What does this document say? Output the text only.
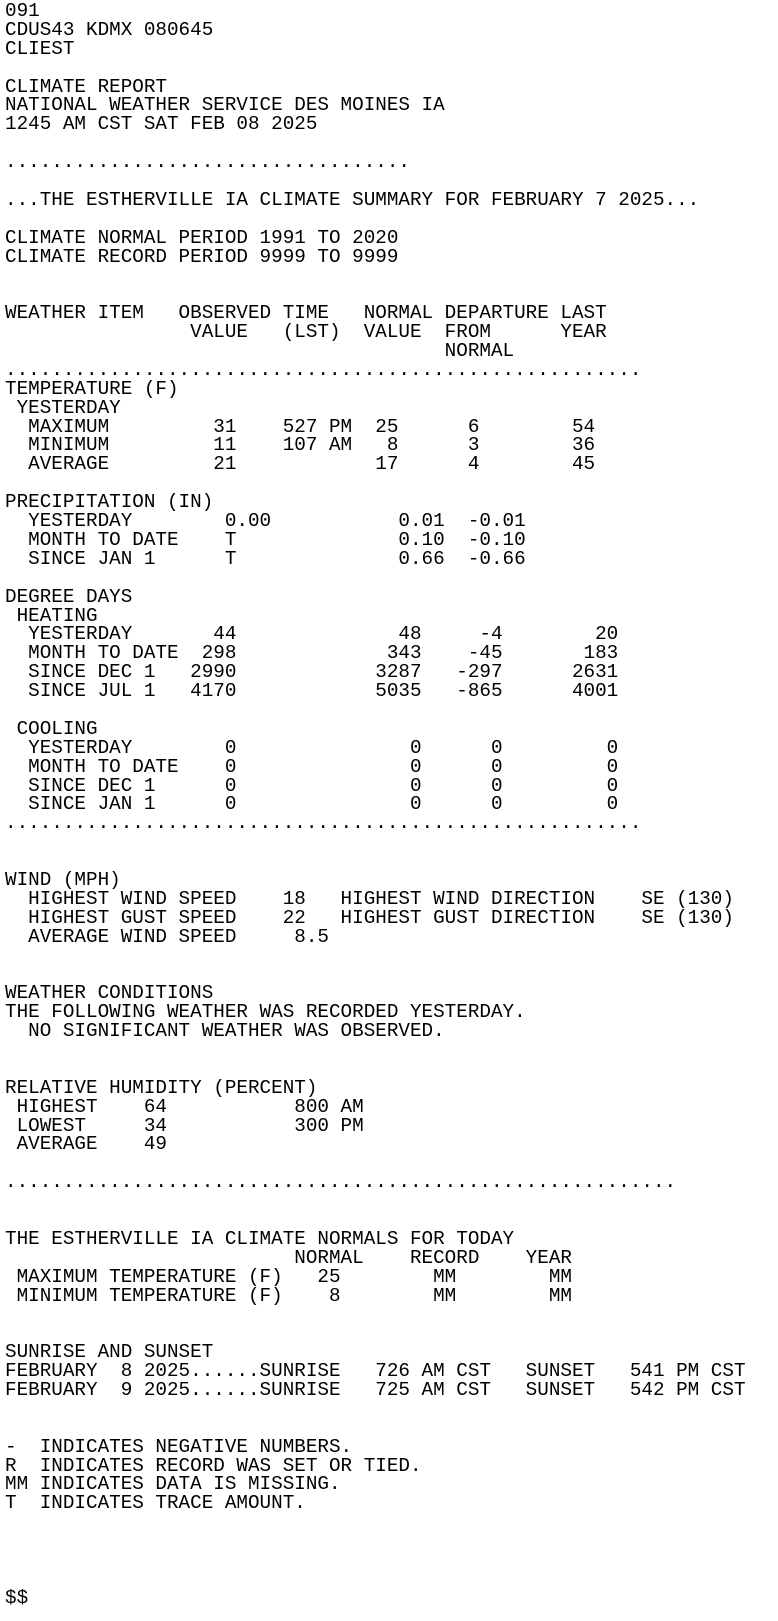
091
CDUS43 KDMX 080645
CLIEST
CLIMATE REPORT
NATIONAL WEATHER SERVICE DES MOINES IA
1245 AM CST SAT FEB 08 2025
...................................
...THE ESTHERVILLE IA CLIMATE SUMMARY FOR FEBRUARY 7 2025...
CLIMATE NORMAL PERIOD 1991 TO 2020
CLIMATE RECORD PERIOD 9999 TO 9999
WEATHER ITEM   OBSERVED TIME   NORMAL DEPARTURE LAST
VALUE   (LST)  VALUE  FROM      YEAR
NORMAL
.......................................................
TEMPERATURE (F)
YESTERDAY
MAXIMUM         31    527 PM  25      6        54
MINIMUM         11    107 AM   8      3        36
AVERAGE         21            17      4        45
PRECIPITATION (IN)
YESTERDAY        0.00           0.01  -0.01
MONTH TO DATE    T              0.10  -0.10
SINCE JAN 1      T              0.66  -0.66
DEGREE DAYS
HEATING
YESTERDAY       44              48     -4        20
MONTH TO DATE  298             343    -45       183
SINCE DEC 1   2990            3287   -297      2631
SINCE JUL 1   4170            5035   -865      4001
COOLING
YESTERDAY        0               0      0         0
MONTH TO DATE    0               0      0         0
SINCE DEC 1      0               0      0         0
SINCE JAN 1      0               0      0         0
.......................................................
WIND (MPH)
HIGHEST WIND SPEED    18   HIGHEST WIND DIRECTION    SE (130)
HIGHEST GUST SPEED    22   HIGHEST GUST DIRECTION    SE (130)
AVERAGE WIND SPEED     8.5
WEATHER CONDITIONS
THE FOLLOWING WEATHER WAS RECORDED YESTERDAY.
NO SIGNIFICANT WEATHER WAS OBSERVED.
RELATIVE HUMIDITY (PERCENT)
HIGHEST    64           800 AM
LOWEST     34           300 PM
AVERAGE    49
..........................................................
THE ESTHERVILLE IA CLIMATE NORMALS FOR TODAY
NORMAL    RECORD    YEAR
MAXIMUM TEMPERATURE (F)   25        MM        MM
MINIMUM TEMPERATURE (F)    8        MM        MM
SUNRISE AND SUNSET
FEBRUARY  8 2025......SUNRISE   726 AM CST   SUNSET   541 PM CST
FEBRUARY  9 2025......SUNRISE   725 AM CST   SUNSET   542 PM CST
-  INDICATES NEGATIVE NUMBERS.
R  INDICATES RECORD WAS SET OR TIED.
MM INDICATES DATA IS MISSING.
T  INDICATES TRACE AMOUNT.
$$
